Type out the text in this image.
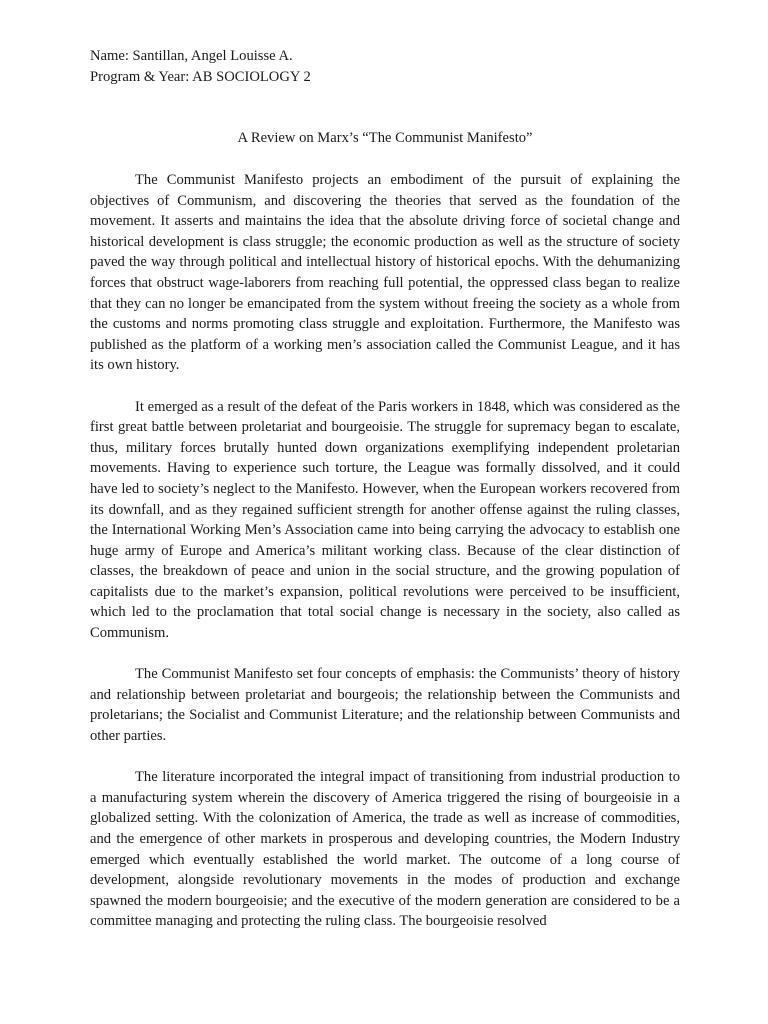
Name: Santillan, Angel Louisse A.
Program & Year: AB SOCIOLOGY 2
A Review on Marx’s “The Communist Manifesto”

The Communist Manifesto projects an embodiment of the pursuit of explaining the objectives of Communism, and discovering the theories that served as the foundation of the movement. It asserts and maintains the idea that the absolute driving force of societal change and historical development is class struggle; the economic production as well as the structure of society paved the way through political and intellectual history of historical epochs. With the dehumanizing forces that obstruct wage-laborers from reaching full potential, the oppressed class began to realize that they can no longer be emancipated from the system without freeing the society as a whole from the customs and norms promoting class struggle and exploitation. Furthermore, the Manifesto was published as the platform of a working men’s association called the Communist League, and it has its own history.

It emerged as a result of the defeat of the Paris workers in 1848, which was considered as the first great battle between proletariat and bourgeoisie. The struggle for supremacy began to escalate, thus, military forces brutally hunted down organizations exemplifying independent proletarian movements. Having to experience such torture, the League was formally dissolved, and it could have led to society’s neglect to the Manifesto. However, when the European workers recovered from its downfall, and as they regained sufficient strength for another offense against the ruling classes, the International Working Men’s Association came into being carrying the advocacy to establish one huge army of Europe and America’s militant working class. Because of the clear distinction of classes, the breakdown of peace and union in the social structure, and the growing population of capitalists due to the market’s expansion, political revolutions were perceived to be insufficient, which led to the proclamation that total social change is necessary in the society, also called as Communism.

The Communist Manifesto set four concepts of emphasis: the Communists’ theory of history and relationship between proletariat and bourgeois; the relationship between the Communists and proletarians; the Socialist and Communist Literature; and the relationship between Communists and other parties.

The literature incorporated the integral impact of transitioning from industrial production to a manufacturing system wherein the discovery of America triggered the rising of bourgeoisie in a globalized setting. With the colonization of America, the trade as well as increase of commodities, and the emergence of other markets in prosperous and developing countries, the Modern Industry emerged which eventually established the world market. The outcome of a long course of development, alongside revolutionary movements in the modes of production and exchange spawned the modern bourgeoisie; and the executive of the modern generation are considered to be a committee managing and protecting the ruling class. The bourgeoisie resolved
